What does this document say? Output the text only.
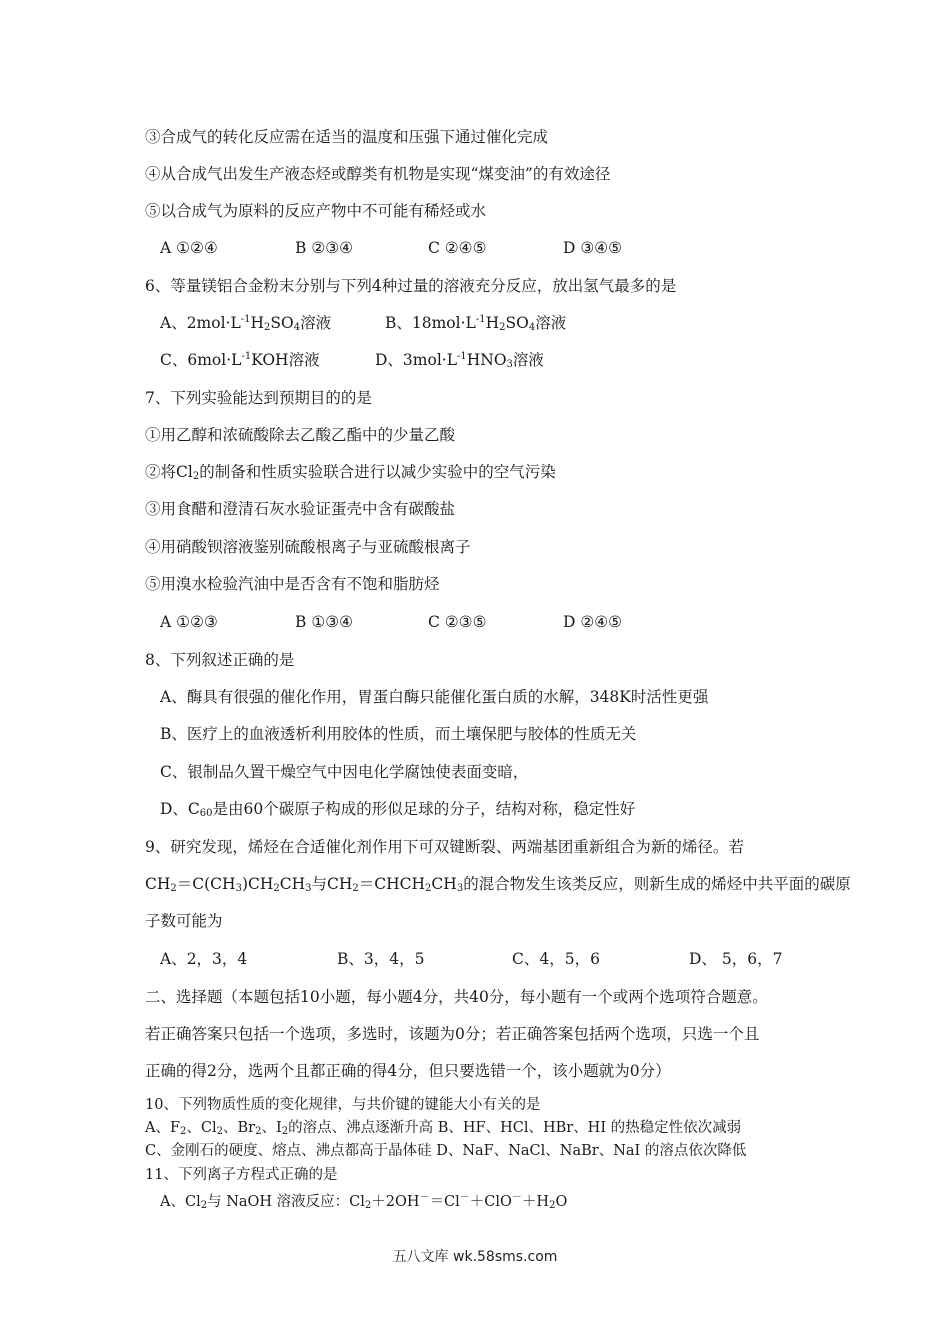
③合成气的转化反应需在适当的温度和压强下通过催化完成
④从合成气出发生产液态烃或醇类有机物是实现“煤变油”的有效途径
⑤以合成气为原料的反应产物中不可能有稀烃或水
A ①②④	B ②③④	C ②④⑤	D ③④⑤
6、等量镁铝合金粉末分别与下列4种过量的溶液充分反应，放出氢气最多的是
A、$2mol\cdot L^{-1}H_2SO_4$溶液	B、$18mol\cdot L^{-1}H_2SO_4$溶液
C、$6mol\cdot L^{-1}KOH$溶液	D、$3mol\cdot L^{-1}HNO_3$溶液
7、下列实验能达到预期目的的是
①用乙醇和浓硫酸除去乙酸乙酯中的少量乙酸
②将$Cl_2$的制备和性质实验联合进行以减少实验中的空气污染
③用食醋和澄清石灰水验证蛋壳中含有碳酸盐
④用硝酸钡溶液鉴别硫酸根离子与亚硫酸根离子
⑤用溴水检验汽油中是否含有不饱和脂肪烃
A ①②③	B ①③④	C ②③⑤	D ②④⑤
8、下列叙述正确的是
A、酶具有很强的催化作用，胃蛋白酶只能催化蛋白质的水解，348K时活性更强
B、医疗上的血液透析利用胶体的性质，而土壤保肥与胶体的性质无关
C、银制品久置干燥空气中因电化学腐蚀使表面变暗，
D、$C_{60}$是由60个碳原子构成的形似足球的分子，结构对称，稳定性好
9、研究发现，烯烃在合适催化剂作用下可双键断裂、两端基团重新组合为新的烯径。若
$CH_2=C(CH_3)CH_2CH_3$与$CH_2=CHCH_2CH_3$的混合物发生该类反应，则新生成的烯烃中共平面的碳原
子数可能为
A、2，3，4	B、3，4，5	C、4，5，6	D、 5，6，7
二、选择题（本题包括10小题，每小题4分，共40分，每小题有一个或两个选项符合题意。
若正确答案只包括一个选项，多选时，该题为0分；若正确答案包括两个选项，只选一个且
正确的得2分，选两个且都正确的得4分，但只要选错一个，该小题就为0分）
10、下列物质性质的变化规律，与共价键的键能大小有关的是
A、$F_2$、$Cl_2$、$Br_2$、$I_2$的溶点、沸点逐渐升高 B、HF、HCl、HBr、HI 的热稳定性依次减弱
C、金刚石的硬度、熔点、沸点都高于晶体硅 D、NaF、NaCl、NaBr、NaI 的溶点依次降低
11、下列离子方程式正确的是
A、$Cl_2$与 NaOH 溶液反应：$Cl_2+2OH^-=Cl^-+ClO^-+H_2O$
五八文库 wk.58sms.com
